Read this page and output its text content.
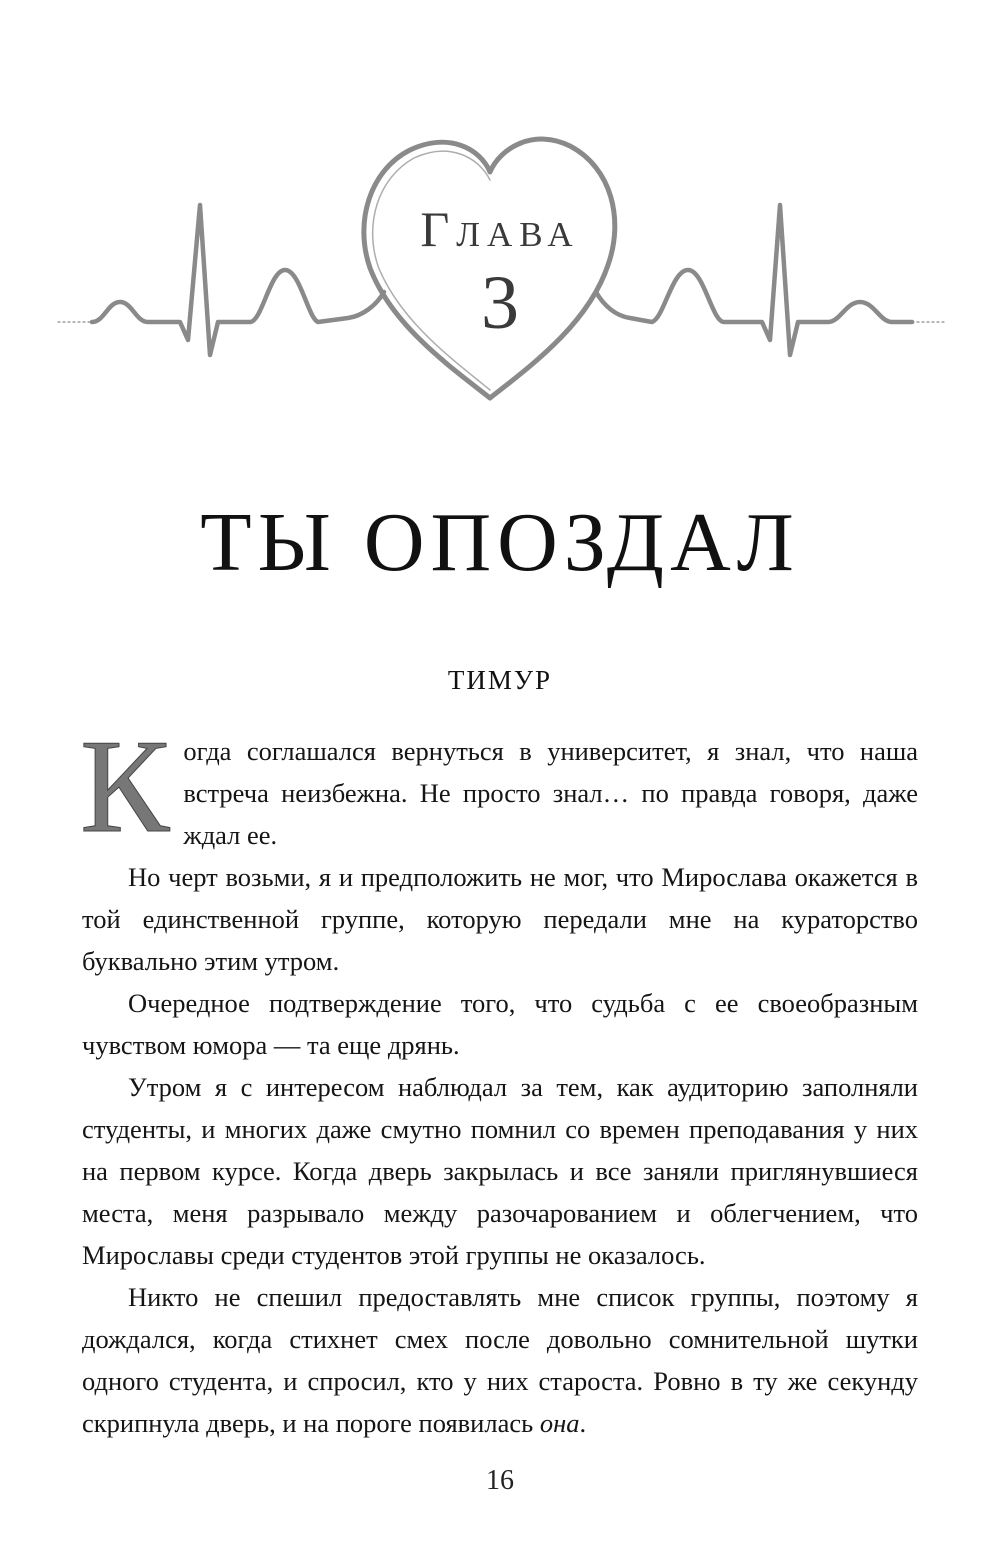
Глава
3
ТЫ ОПОЗДАЛ
ТИМУР

Когда соглашался вернуться в университет, я знал, что наша встреча неизбежна. Не просто знал… по правда говоря, даже ждал ее.

Но черт возьми, я и предположить не мог, что Мирослава окажется в той единственной группе, которую передали мне на кураторство буквально этим утром.

Очередное подтверждение того, что судьба с ее своеобразным чувством юмора — та еще дрянь.

Утром я с интересом наблюдал за тем, как аудиторию заполняли студенты, и многих даже смутно помнил со времен преподавания у них на первом курсе. Когда дверь закрылась и все заняли приглянувшиеся места, меня разрывало между разочарованием и облегчением, что Мирославы среди студентов этой группы не оказалось.

Никто не спешил предоставлять мне список группы, поэтому я дождался, когда стихнет смех после довольно сомнительной шутки одного студента, и спросил, кто у них староста. Ровно в ту же секунду скрипнула дверь, и на пороге появилась она.

16
